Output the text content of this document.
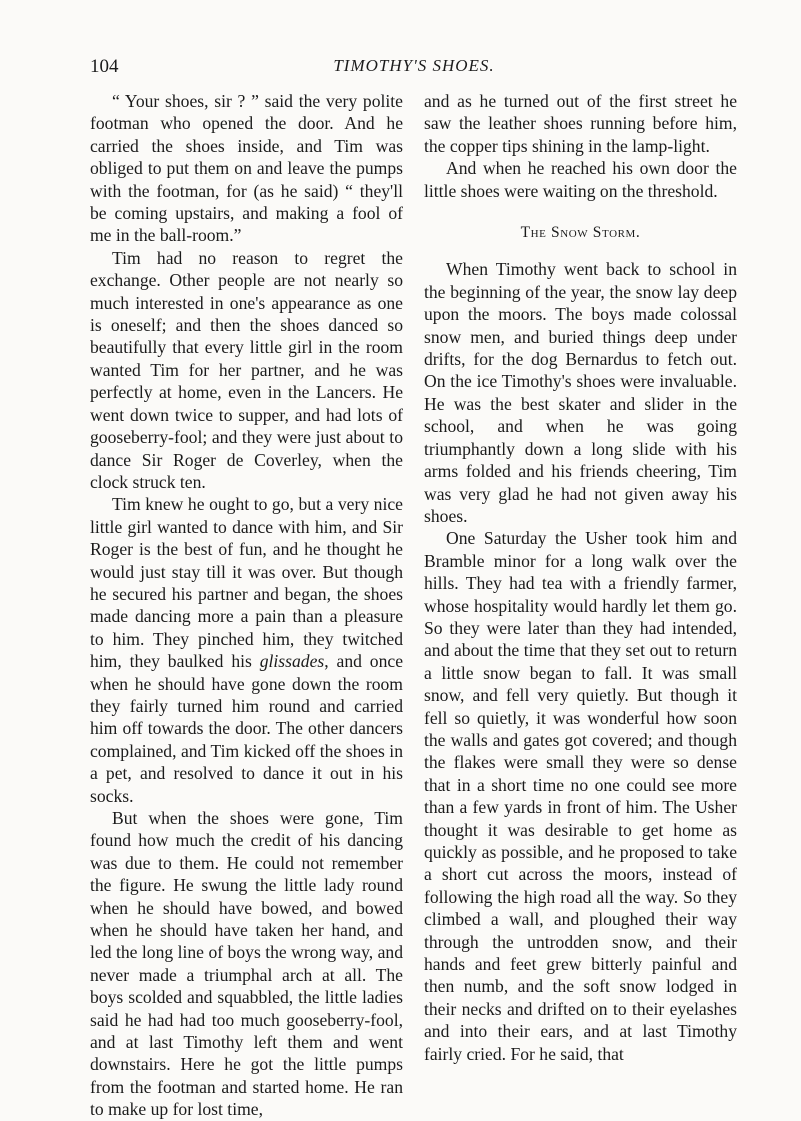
104	TIMOTHY'S SHOES.

“ Your shoes, sir ? ” said the very polite footman who opened the door. And he carried the shoes inside, and Tim was obliged to put them on and leave the pumps with the footman, for (as he said) “ they'll be coming upstairs, and making a fool of me in the ball-room.”

Tim had no reason to regret the exchange. Other people are not nearly so much interested in one's appearance as one is oneself; and then the shoes danced so beautifully that every little girl in the room wanted Tim for her partner, and he was perfectly at home, even in the Lancers. He went down twice to supper, and had lots of gooseberry-fool; and they were just about to dance Sir Roger de Coverley, when the clock struck ten.

Tim knew he ought to go, but a very nice little girl wanted to dance with him, and Sir Roger is the best of fun, and he thought he would just stay till it was over. But though he secured his partner and began, the shoes made dancing more a pain than a pleasure to him. They pinched him, they twitched him, they baulked his glissades, and once when he should have gone down the room they fairly turned him round and carried him off towards the door. The other dancers complained, and Tim kicked off the shoes in a pet, and resolved to dance it out in his socks.

But when the shoes were gone, Tim found how much the credit of his dancing was due to them. He could not remember the figure. He swung the little lady round when he should have bowed, and bowed when he should have taken her hand, and led the long line of boys the wrong way, and never made a triumphal arch at all. The boys scolded and squabbled, the little ladies said he had had too much gooseberry-fool, and at last Timothy left them and went downstairs. Here he got the little pumps from the footman and started home. He ran to make up for lost time,

and as he turned out of the first street he saw the leather shoes running before him, the copper tips shining in the lamp-light.

And when he reached his own door the little shoes were waiting on the threshold.

The Snow Storm.

When Timothy went back to school in the beginning of the year, the snow lay deep upon the moors. The boys made colossal snow men, and buried things deep under drifts, for the dog Bernardus to fetch out. On the ice Timothy's shoes were invaluable. He was the best skater and slider in the school, and when he was going triumphantly down a long slide with his arms folded and his friends cheering, Tim was very glad he had not given away his shoes.

One Saturday the Usher took him and Bramble minor for a long walk over the hills. They had tea with a friendly farmer, whose hospitality would hardly let them go. So they were later than they had intended, and about the time that they set out to return a little snow began to fall. It was small snow, and fell very quietly. But though it fell so quietly, it was wonderful how soon the walls and gates got covered; and though the flakes were small they were so dense that in a short time no one could see more than a few yards in front of him. The Usher thought it was desirable to get home as quickly as possible, and he proposed to take a short cut across the moors, instead of following the high road all the way. So they climbed a wall, and ploughed their way through the untrodden snow, and their hands and feet grew bitterly painful and then numb, and the soft snow lodged in their necks and drifted on to their eyelashes and into their ears, and at last Timothy fairly cried. For he said, that
